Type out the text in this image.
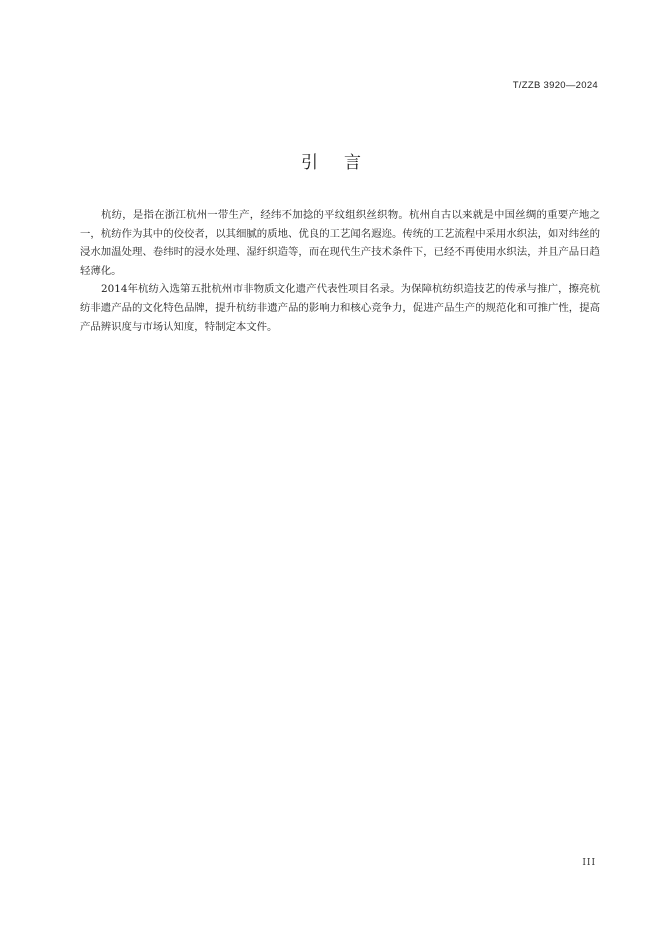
T/ZZB 3920—2024
引言

杭纺，是指在浙江杭州一带生产，经纬不加捻的平纹组织丝织物。杭州自古以来就是中国丝绸的重要产地之一，杭纺作为其中的佼佼者，以其细腻的质地、优良的工艺闻名遐迩。传统的工艺流程中采用水织法，如对纬丝的浸水加温处理、卷纬时的浸水处理、湿纡织造等，而在现代生产技术条件下，已经不再使用水织法，并且产品日趋轻薄化。

2014年杭纺入选第五批杭州市非物质文化遗产代表性项目名录。为保障杭纺织造技艺的传承与推广，擦亮杭纺非遗产品的文化特色品牌，提升杭纺非遗产品的影响力和核心竞争力，促进产品生产的规范化和可推广性，提高产品辨识度与市场认知度，特制定本文件。

III
